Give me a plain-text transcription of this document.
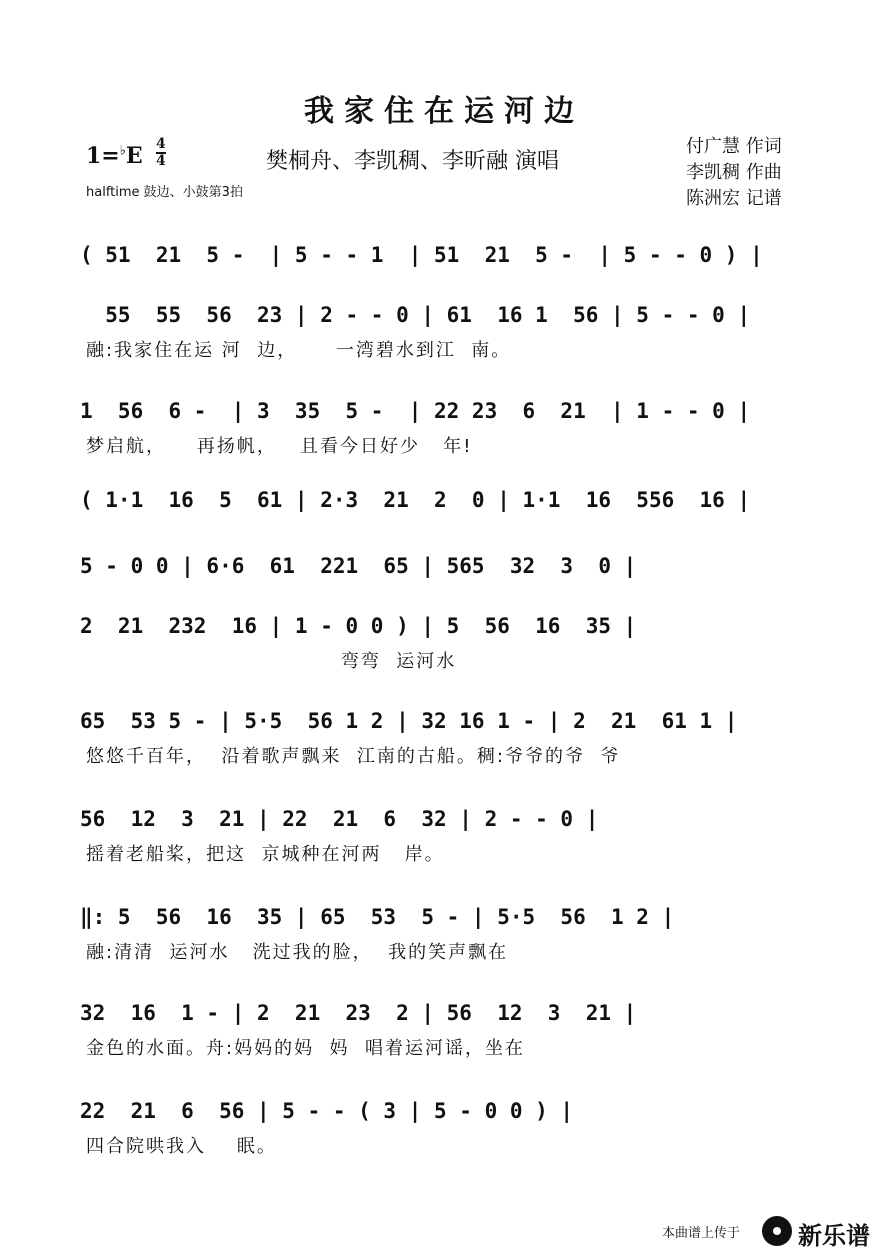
我家住在运河边
1=♭E 4
4	樊桐舟、李凯稠、李昕融 演唱
halftime 鼓边、小鼓第3拍
付广慧 作词
李凯稠 作曲
陈洲宏 记谱
( 51  21  5 -  | 5 - - 1  | 51  21  5 -  | 5 - - 0 ) |
55  55  56  23 | 2 - - 0 | 61  16 1  56 | 5 - - 0 |
融:我家住在运 河  边，     一湾碧水到江  南。
1  56  6 -  | 3  35  5 -  | 22 23  6  21  | 1 - - 0 |
梦启航，    再扬帆，   且看今日好少   年!
( 1·1  16  5  61 | 2·3  21  2  0 | 1·1  16  556  16 |
5 - 0 0 | 6·6  61  221  65 | 565  32  3  0 |
2  21  232  16 | 1 - 0 0 ) | 5  56  16  35 |
弯弯  运河水
65  53 5 - | 5·5  56 1 2 | 32 16 1 - | 2  21  61 1 |
悠悠千百年，  沿着歌声飘来  江南的古船。稠:爷爷的爷  爷
56  12  3  21 | 22  21  6  32 | 2 - - 0 |
摇着老船桨，把这  京城种在河两   岸。
‖: 5  56  16  35 | 65  53  5 - | 5·5  56  1 2 |
融:清清  运河水   洗过我的脸，  我的笑声飘在
32  16  1 - | 2  21  23  2 | 56  12  3  21 |
金色的水面。舟:妈妈的妈  妈  唱着运河谣，坐在
22  21  6  56 | 5 - - ( 3 | 5 - 0 0 ) |
四合院哄我入    眠。
本曲谱上传于 新乐谱
